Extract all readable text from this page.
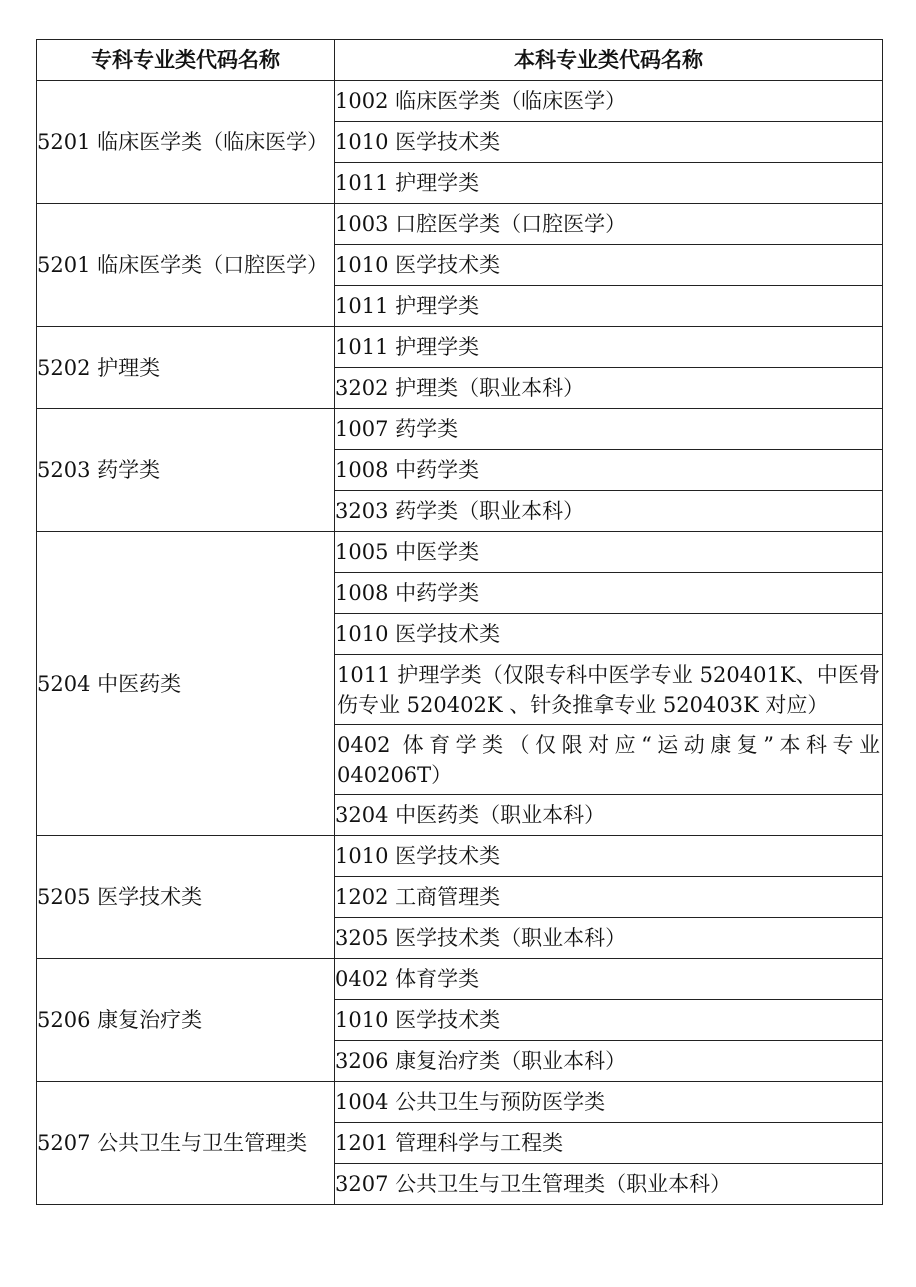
专科专业类代码名称	本科专业类代码名称
5201 临床医学类（临床医学）	1002 临床医学类（临床医学）
	1010 医学技术类
	1011 护理学类
5201 临床医学类（口腔医学）	1003 口腔医学类（口腔医学）
	1010 医学技术类
	1011 护理学类
5202 护理类	1011 护理学类
	3202 护理类（职业本科）
5203 药学类	1007 药学类
	1008 中药学类
	3203 药学类（职业本科）
5204 中医药类	1005 中医学类
	1008 中药学类
	1010 医学技术类
	1011 护理学类（仅限专科中医学专业 520401K、中医骨伤专业 520402K 、针灸推拿专业 520403K 对应）
	0402 体育学类（仅限对应“运动康复”本科专业 040206T）
	3204 中医药类（职业本科）
5205 医学技术类	1010 医学技术类
	1202 工商管理类
	3205 医学技术类（职业本科）
5206 康复治疗类	0402 体育学类
	1010 医学技术类
	3206 康复治疗类（职业本科）
5207 公共卫生与卫生管理类	1004 公共卫生与预防医学类
	1201 管理科学与工程类
	3207 公共卫生与卫生管理类（职业本科）
